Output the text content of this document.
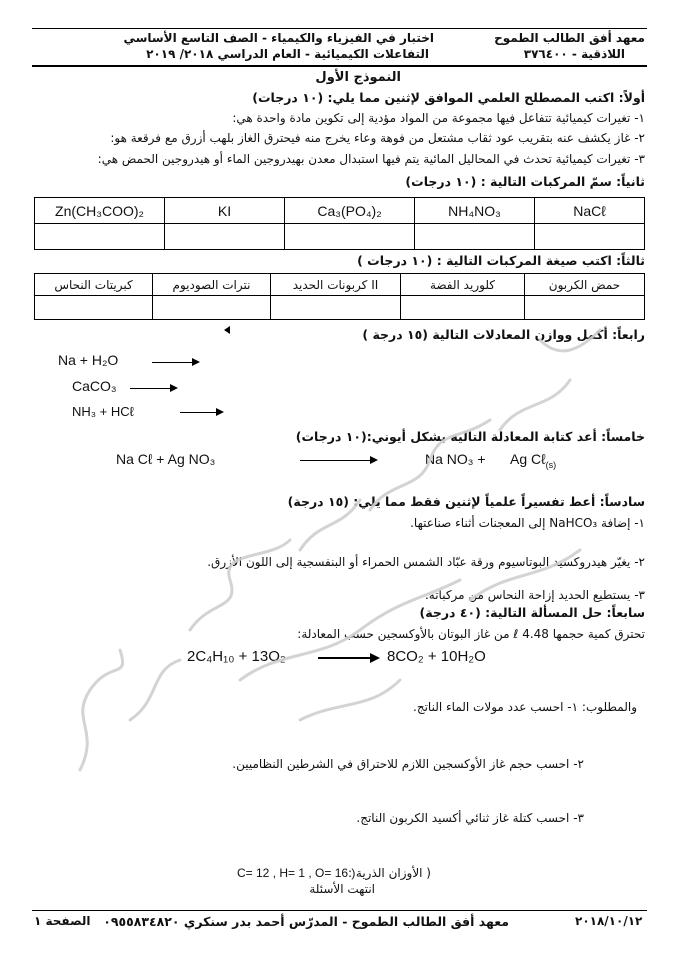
معهد أفق الطالب الطموح
اللاذقية - ٣٧٦٤٠٠
اختبار في الفيزياء والكيمياء - الصف التاسع الأساسي
التفاعلات الكيميائية - العام الدراسي ٢٠١٨/ ٢٠١٩
النموذج الأول
أولاً: اكتب المصطلح العلمي الموافق لإثنين مما يلي: (١٠ درجات)
١- تغيرات كيميائية تتفاعل فيها مجموعة من المواد مؤدية إلى تكوين مادة واحدة هي:
٢- غاز يكشف عنه بتقريب عود ثقاب مشتعل من فوهة وعاء يخرج منه فيحترق الغاز بلهب أزرق مع فرقعة هو:
٣- تغيرات كيميائية تحدث في المحاليل المائية يتم فيها استبدال معدن بهيدروجين الماء أو هيدروجين الحمض هي:
ثانياً: سمّ المركبات التالية : (١٠ درجات)
Zn(CH₃COO)₂	KI	Ca₃(PO₄)₂	NH₄NO₃	NaCℓ

ثالثاً: اكتب صيغة المركبات التالية : (١٠ درجات )
كبريتات النحاس	نترات الصوديوم	كربونات الحديد II	كلوريد الفضة	حمض الكربون

رابعاً: أكمل ووازن المعادلات التالية (١٥ درجة )
Na + H₂O
CaCO₃ →
NH₃ + HCℓ
خامساً: أعد كتابة المعادلة التالية بشكل أيوني:(١٠ درجات)
Na Cℓ + Ag NO₃	Na NO₃ + Ag Cℓ$_{(s)}$
سادساً: أعط تفسيراً علمياً لإثنين فقط مما يلي: (١٥ درجة)
١- إضافة NaHCO₃ إلى المعجنات أثناء صناعتها.
٢- يغيّر هيدروكسيد البوتاسيوم ورقة عبّاد الشمس الحمراء أو البنفسجية إلى اللون الأزرق.
٣- يستطيع الحديد إزاحة النحاس من مركباته.
سابعاً: حل المسألة التالية: (٤٠ درجة)
تحترق كمية حجمها 4.48 ℓ من غاز البوتان بالأوكسجين حسب المعادلة:
2C₄H₁₀ + 13O₂ → 8CO₂ + 10H₂O
والمطلوب: ١- احسب عدد مولات الماء الناتج.
٢- احسب حجم غاز الأوكسجين اللازم للاحتراق في الشرطين النظاميين.
٣- احسب كتلة غاز ثنائي أكسيد الكربون الناتج.
( الأوزان الذرية :
C= 12 , H= 1 , O= 16 )
انتهت الأسئلة
الصفحة ١ معهد أفق الطالب الطموح - المدرّس أحمد بدر سنكري ٠٩٥٥٨٣٤٨٢٠	٢٠١٨/١٠/١٢
